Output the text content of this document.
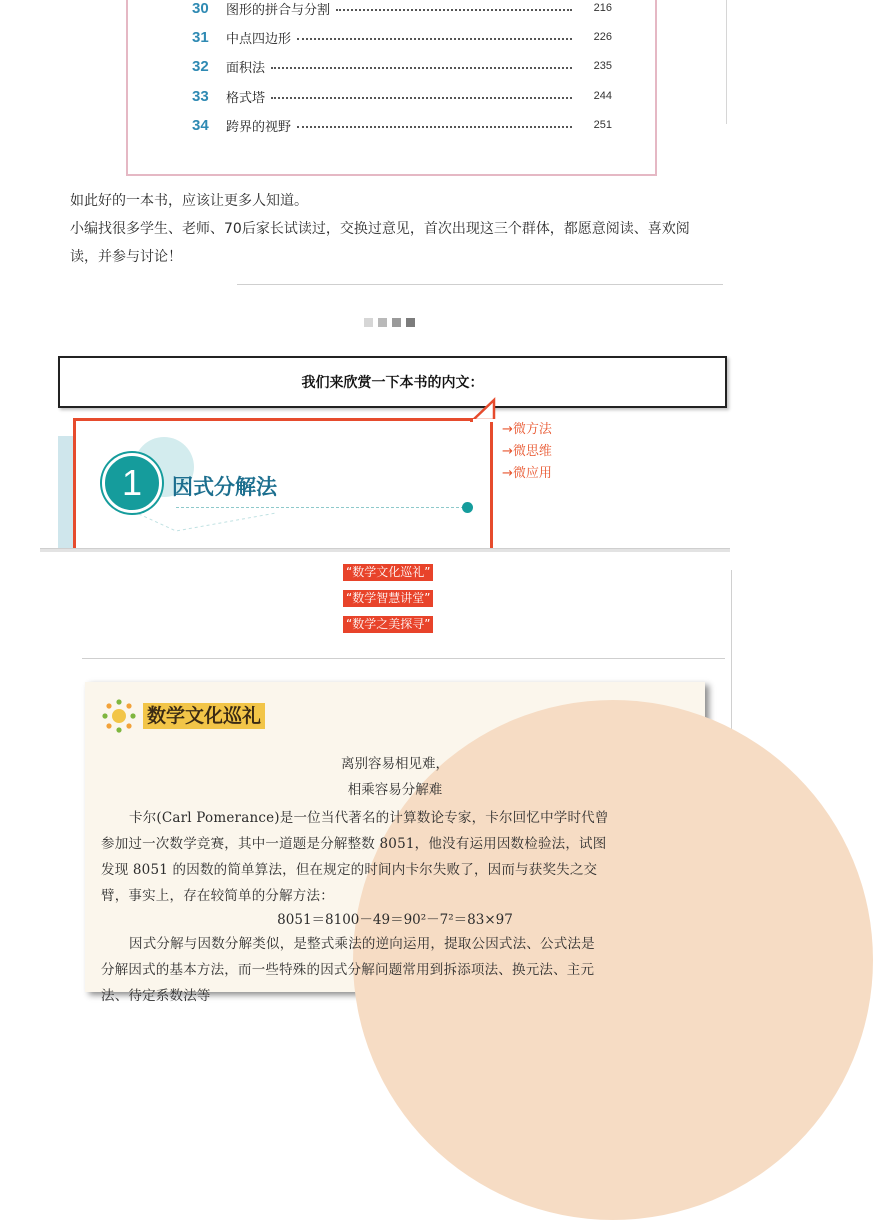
30	图形的拼合与分割	216
31	中点四边形	226
32	面积法	235
33	格式塔	244
34	跨界的视野	251

如此好的一本书，应该让更多人知道。

小编找很多学生、老师、70后家长试读过，交换过意见，首次出现这三个群体，都愿意阅读、喜欢阅读，并参与讨论！

我们来欣赏一下本书的内文：
1 因式分解法
→微方法
→微思维
→微应用
“数学文化巡礼”
“数学智慧讲堂”
“数学之美探寻”
数学文化巡礼
离别容易相见难，
相乘容易分解难
卡尔(Carl Pomerance)是一位当代著名的计算数论专家，卡尔回忆中学时代曾
参加过一次数学竞赛，其中一道题是分解整数 8051，他没有运用因数检验法，试图
发现 8051 的因数的简单算法，但在规定的时间内卡尔失败了，因而与获奖失之交
臂，事实上，存在较简单的分解方法：
8051＝8100－49＝90²－7²＝83×97
因式分解与因数分解类似，是整式乘法的逆向运用，提取公因式法、公式法是
分解因式的基本方法，而一些特殊的因式分解问题常用到拆添项法、换元法、主元
法、待定系数法等
